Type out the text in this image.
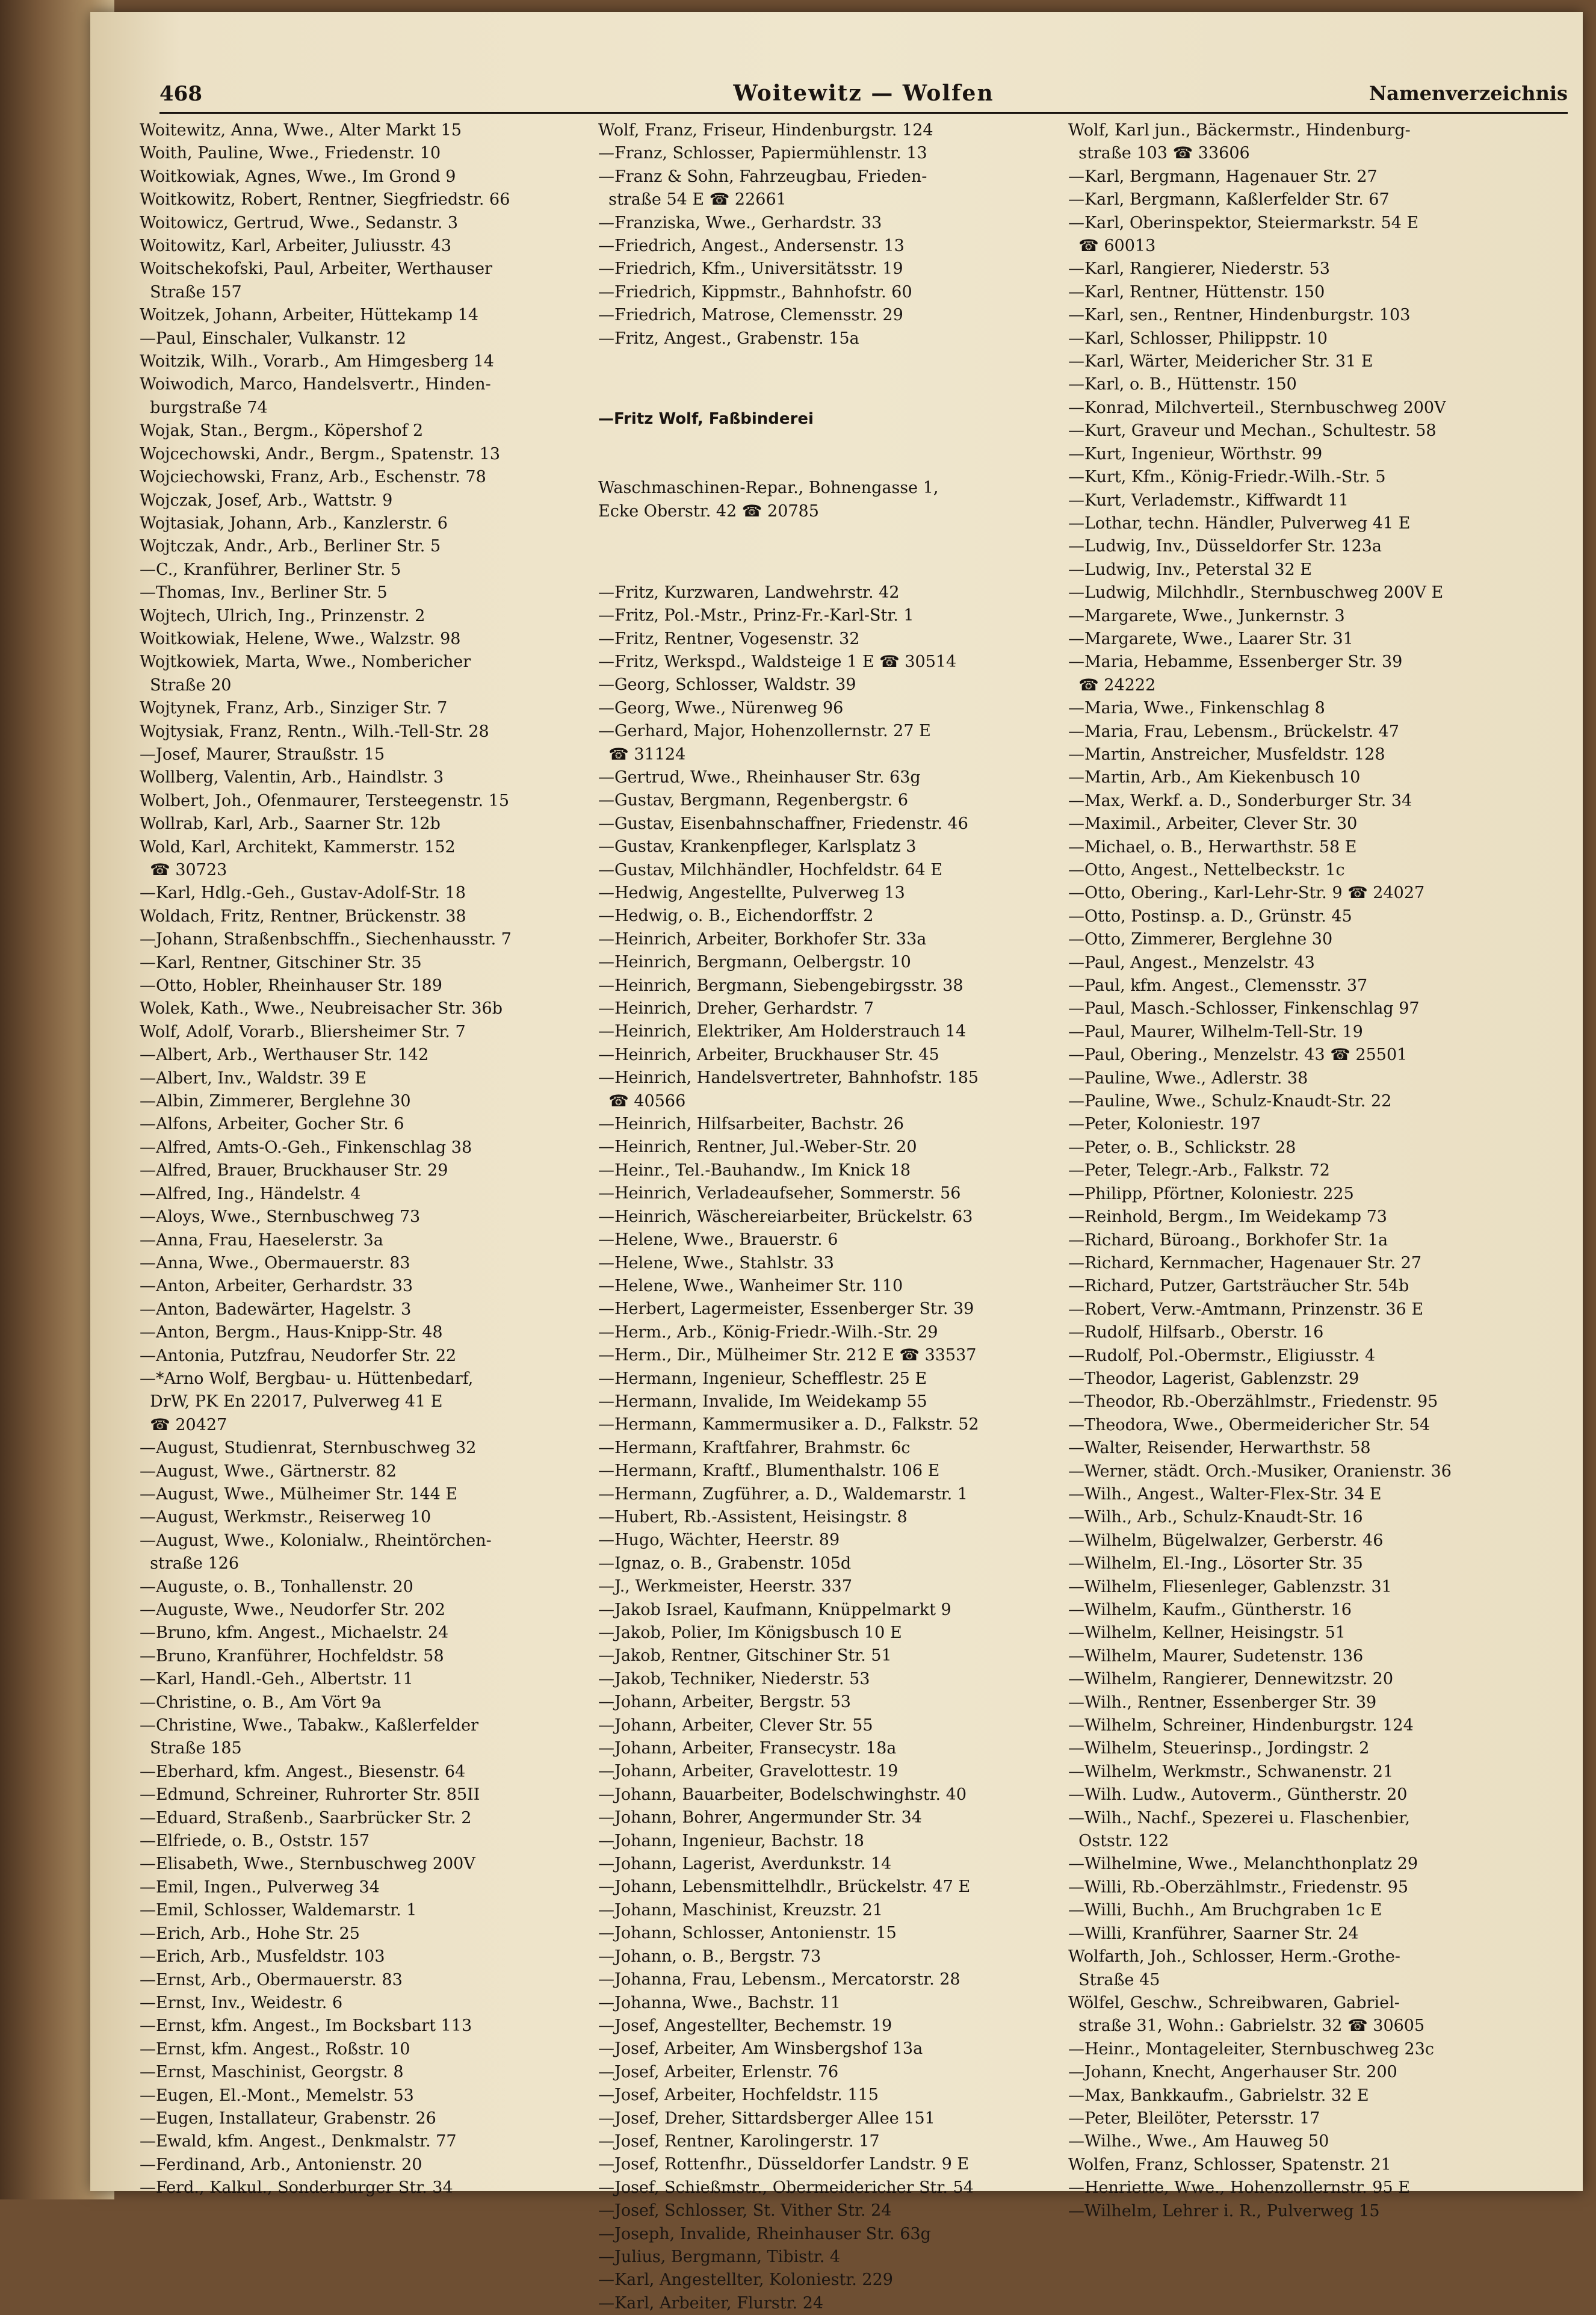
468	Woitewitz — Wolfen	Namenverzeichnis
Woitewitz, Anna, Wwe., Alter Markt 15
Woith, Pauline, Wwe., Friedenstr. 10
Woitkowiak, Agnes, Wwe., Im Grond 9
Woitkowitz, Robert, Rentner, Siegfriedstr. 66
Woitowicz, Gertrud, Wwe., Sedanstr. 3
Woitowitz, Karl, Arbeiter, Juliusstr. 43
Woitschekofski, Paul, Arbeiter, Werthauser
Straße 157
Woitzek, Johann, Arbeiter, Hüttekamp 14
—Paul, Einschaler, Vulkanstr. 12
Woitzik, Wilh., Vorarb., Am Himgesberg 14
Woiwodich, Marco, Handelsvertr., Hinden-
burgstraße 74
Wojak, Stan., Bergm., Köpershof 2
Wojcechowski, Andr., Bergm., Spatenstr. 13
Wojciechowski, Franz, Arb., Eschenstr. 78
Wojczak, Josef, Arb., Wattstr. 9
Wojtasiak, Johann, Arb., Kanzlerstr. 6
Wojtczak, Andr., Arb., Berliner Str. 5
—C., Kranführer, Berliner Str. 5
—Thomas, Inv., Berliner Str. 5
Wojtech, Ulrich, Ing., Prinzenstr. 2
Woitkowiak, Helene, Wwe., Walzstr. 98
Wojtkowiek, Marta, Wwe., Nombericher
Straße 20
Wojtynek, Franz, Arb., Sinziger Str. 7
Wojtysiak, Franz, Rentn., Wilh.-Tell-Str. 28
—Josef, Maurer, Straußstr. 15
Wollberg, Valentin, Arb., Haindlstr. 3
Wolbert, Joh., Ofenmaurer, Tersteegenstr. 15
Wollrab, Karl, Arb., Saarner Str. 12b
Wold, Karl, Architekt, Kammerstr. 152
☎ 30723
—Karl, Hdlg.-Geh., Gustav-Adolf-Str. 18
Woldach, Fritz, Rentner, Brückenstr. 38
—Johann, Straßenbschffn., Siechenhausstr. 7
—Karl, Rentner, Gitschiner Str. 35
—Otto, Hobler, Rheinhauser Str. 189
Wolek, Kath., Wwe., Neubreisacher Str. 36b
Wolf, Adolf, Vorarb., Bliersheimer Str. 7
—Albert, Arb., Werthauser Str. 142
—Albert, Inv., Waldstr. 39 E
—Albin, Zimmerer, Berglehne 30
—Alfons, Arbeiter, Gocher Str. 6
—Alfred, Amts-O.-Geh., Finkenschlag 38
—Alfred, Brauer, Bruckhauser Str. 29
—Alfred, Ing., Händelstr. 4
—Aloys, Wwe., Sternbuschweg 73
—Anna, Frau, Haeselerstr. 3a
—Anna, Wwe., Obermauerstr. 83
—Anton, Arbeiter, Gerhardstr. 33
—Anton, Badewärter, Hagelstr. 3
—Anton, Bergm., Haus-Knipp-Str. 48
—Antonia, Putzfrau, Neudorfer Str. 22
—*Arno Wolf, Bergbau- u. Hüttenbedarf,
DrW, PK En 22017, Pulverweg 41 E
☎ 20427
—August, Studienrat, Sternbuschweg 32
—August, Wwe., Gärtnerstr. 82
—August, Wwe., Mülheimer Str. 144 E
—August, Werkmstr., Reiserweg 10
—August, Wwe., Kolonialw., Rheintörchen-
straße 126
—Auguste, o. B., Tonhallenstr. 20
—Auguste, Wwe., Neudorfer Str. 202
—Bruno, kfm. Angest., Michaelstr. 24
—Bruno, Kranführer, Hochfeldstr. 58
—Karl, Handl.-Geh., Albertstr. 11
—Christine, o. B., Am Vört 9a
—Christine, Wwe., Tabakw., Kaßlerfelder
Straße 185
—Eberhard, kfm. Angest., Biesenstr. 64
—Edmund, Schreiner, Ruhrorter Str. 85II
—Eduard, Straßenb., Saarbrücker Str. 2
—Elfriede, o. B., Oststr. 157
—Elisabeth, Wwe., Sternbuschweg 200V
—Emil, Ingen., Pulverweg 34
—Emil, Schlosser, Waldemarstr. 1
—Erich, Arb., Hohe Str. 25
—Erich, Arb., Musfeldstr. 103
—Ernst, Arb., Obermauerstr. 83
—Ernst, Inv., Weidestr. 6
—Ernst, kfm. Angest., Im Bocksbart 113
—Ernst, kfm. Angest., Roßstr. 10
—Ernst, Maschinist, Georgstr. 8
—Eugen, El.-Mont., Memelstr. 53
—Eugen, Installateur, Grabenstr. 26
—Ewald, kfm. Angest., Denkmalstr. 77
—Ferdinand, Arb., Antonienstr. 20
—Ferd., Kalkul., Sonderburger Str. 34
Wolf, Franz, Friseur, Hindenburgstr. 124
—Franz, Schlosser, Papiermühlenstr. 13
—Franz & Sohn, Fahrzeugbau, Frieden-
straße 54 E ☎ 22661
—Franziska, Wwe., Gerhardstr. 33
—Friedrich, Angest., Andersenstr. 13
—Friedrich, Kfm., Universitätsstr. 19
—Friedrich, Kippmstr., Bahnhofstr. 60
—Friedrich, Matrose, Clemensstr. 29
—Fritz, Angest., Grabenstr. 15a

—Fritz Wolf, Faßbinderei

Waschmaschinen-Repar., Bohnengasse 1,
Ecke Oberstr. 42 ☎ 20785

—Fritz, Kurzwaren, Landwehrstr. 42
—Fritz, Pol.-Mstr., Prinz-Fr.-Karl-Str. 1
—Fritz, Rentner, Vogesenstr. 32
—Fritz, Werkspd., Waldsteige 1 E ☎ 30514
—Georg, Schlosser, Waldstr. 39
—Georg, Wwe., Nürenweg 96
—Gerhard, Major, Hohenzollernstr. 27 E
☎ 31124
—Gertrud, Wwe., Rheinhauser Str. 63g
—Gustav, Bergmann, Regenbergstr. 6
—Gustav, Eisenbahnschaffner, Friedenstr. 46
—Gustav, Krankenpfleger, Karlsplatz 3
—Gustav, Milchhändler, Hochfeldstr. 64 E
—Hedwig, Angestellte, Pulverweg 13
—Hedwig, o. B., Eichendorffstr. 2
—Heinrich, Arbeiter, Borkhofer Str. 33a
—Heinrich, Bergmann, Oelbergstr. 10
—Heinrich, Bergmann, Siebengebirgsstr. 38
—Heinrich, Dreher, Gerhardstr. 7
—Heinrich, Elektriker, Am Holderstrauch 14
—Heinrich, Arbeiter, Bruckhauser Str. 45
—Heinrich, Handelsvertreter, Bahnhofstr. 185
☎ 40566
—Heinrich, Hilfsarbeiter, Bachstr. 26
—Heinrich, Rentner, Jul.-Weber-Str. 20
—Heinr., Tel.-Bauhandw., Im Knick 18
—Heinrich, Verladeaufseher, Sommerstr. 56
—Heinrich, Wäschereiarbeiter, Brückelstr. 63
—Helene, Wwe., Brauerstr. 6
—Helene, Wwe., Stahlstr. 33
—Helene, Wwe., Wanheimer Str. 110
—Herbert, Lagermeister, Essenberger Str. 39
—Herm., Arb., König-Friedr.-Wilh.-Str. 29
—Herm., Dir., Mülheimer Str. 212 E ☎ 33537
—Hermann, Ingenieur, Schefflestr. 25 E
—Hermann, Invalide, Im Weidekamp 55
—Hermann, Kammermusiker a. D., Falkstr. 52
—Hermann, Kraftfahrer, Brahmstr. 6c
—Hermann, Kraftf., Blumenthalstr. 106 E
—Hermann, Zugführer, a. D., Waldemarstr. 1
—Hubert, Rb.-Assistent, Heisingstr. 8
—Hugo, Wächter, Heerstr. 89
—Ignaz, o. B., Grabenstr. 105d
—J., Werkmeister, Heerstr. 337
—Jakob Israel, Kaufmann, Knüppelmarkt 9
—Jakob, Polier, Im Königsbusch 10 E
—Jakob, Rentner, Gitschiner Str. 51
—Jakob, Techniker, Niederstr. 53
—Johann, Arbeiter, Bergstr. 53
—Johann, Arbeiter, Clever Str. 55
—Johann, Arbeiter, Fransecystr. 18a
—Johann, Arbeiter, Gravelottestr. 19
—Johann, Bauarbeiter, Bodelschwinghstr. 40
—Johann, Bohrer, Angermunder Str. 34
—Johann, Ingenieur, Bachstr. 18
—Johann, Lagerist, Averdunkstr. 14
—Johann, Lebensmittelhdlr., Brückelstr. 47 E
—Johann, Maschinist, Kreuzstr. 21
—Johann, Schlosser, Antonienstr. 15
—Johann, o. B., Bergstr. 73
—Johanna, Frau, Lebensm., Mercatorstr. 28
—Johanna, Wwe., Bachstr. 11
—Josef, Angestellter, Bechemstr. 19
—Josef, Arbeiter, Am Winsbergshof 13a
—Josef, Arbeiter, Erlenstr. 76
—Josef, Arbeiter, Hochfeldstr. 115
—Josef, Dreher, Sittardsberger Allee 151
—Josef, Rentner, Karolingerstr. 17
—Josef, Rottenfhr., Düsseldorfer Landstr. 9 E
—Josef, Schießmstr., Obermeidericher Str. 54
—Josef, Schlosser, St. Vither Str. 24
—Joseph, Invalide, Rheinhauser Str. 63g
—Julius, Bergmann, Tibistr. 4
—Karl, Angestellter, Koloniestr. 229
—Karl, Arbeiter, Flurstr. 24
Wolf, Karl jun., Bäckermstr., Hindenburg-
straße 103 ☎ 33606
—Karl, Bergmann, Hagenauer Str. 27
—Karl, Bergmann, Kaßlerfelder Str. 67
—Karl, Oberinspektor, Steiermarkstr. 54 E
☎ 60013
—Karl, Rangierer, Niederstr. 53
—Karl, Rentner, Hüttenstr. 150
—Karl, sen., Rentner, Hindenburgstr. 103
—Karl, Schlosser, Philippstr. 10
—Karl, Wärter, Meidericher Str. 31 E
—Karl, o. B., Hüttenstr. 150
—Konrad, Milchverteil., Sternbuschweg 200V
—Kurt, Graveur und Mechan., Schultestr. 58
—Kurt, Ingenieur, Wörthstr. 99
—Kurt, Kfm., König-Friedr.-Wilh.-Str. 5
—Kurt, Verlademstr., Kiffwardt 11
—Lothar, techn. Händler, Pulverweg 41 E
—Ludwig, Inv., Düsseldorfer Str. 123a
—Ludwig, Inv., Peterstal 32 E
—Ludwig, Milchhdlr., Sternbuschweg 200V E
—Margarete, Wwe., Junkernstr. 3
—Margarete, Wwe., Laarer Str. 31
—Maria, Hebamme, Essenberger Str. 39
☎ 24222
—Maria, Wwe., Finkenschlag 8
—Maria, Frau, Lebensm., Brückelstr. 47
—Martin, Anstreicher, Musfeldstr. 128
—Martin, Arb., Am Kiekenbusch 10
—Max, Werkf. a. D., Sonderburger Str. 34
—Maximil., Arbeiter, Clever Str. 30
—Michael, o. B., Herwarthstr. 58 E
—Otto, Angest., Nettelbeckstr. 1c
—Otto, Obering., Karl-Lehr-Str. 9 ☎ 24027
—Otto, Postinsp. a. D., Grünstr. 45
—Otto, Zimmerer, Berglehne 30
—Paul, Angest., Menzelstr. 43
—Paul, kfm. Angest., Clemensstr. 37
—Paul, Masch.-Schlosser, Finkenschlag 97
—Paul, Maurer, Wilhelm-Tell-Str. 19
—Paul, Obering., Menzelstr. 43 ☎ 25501
—Pauline, Wwe., Adlerstr. 38
—Pauline, Wwe., Schulz-Knaudt-Str. 22
—Peter, Koloniestr. 197
—Peter, o. B., Schlickstr. 28
—Peter, Telegr.-Arb., Falkstr. 72
—Philipp, Pförtner, Koloniestr. 225
—Reinhold, Bergm., Im Weidekamp 73
—Richard, Büroang., Borkhofer Str. 1a
—Richard, Kernmacher, Hagenauer Str. 27
—Richard, Putzer, Gartsträucher Str. 54b
—Robert, Verw.-Amtmann, Prinzenstr. 36 E
—Rudolf, Hilfsarb., Oberstr. 16
—Rudolf, Pol.-Obermstr., Eligiusstr. 4
—Theodor, Lagerist, Gablenzstr. 29
—Theodor, Rb.-Oberzählmstr., Friedenstr. 95
—Theodora, Wwe., Obermeidericher Str. 54
—Walter, Reisender, Herwarthstr. 58
—Werner, städt. Orch.-Musiker, Oranienstr. 36
—Wilh., Angest., Walter-Flex-Str. 34 E
—Wilh., Arb., Schulz-Knaudt-Str. 16
—Wilhelm, Bügelwalzer, Gerberstr. 46
—Wilhelm, El.-Ing., Lösorter Str. 35
—Wilhelm, Fliesenleger, Gablenzstr. 31
—Wilhelm, Kaufm., Güntherstr. 16
—Wilhelm, Kellner, Heisingstr. 51
—Wilhelm, Maurer, Sudetenstr. 136
—Wilhelm, Rangierer, Dennewitzstr. 20
—Wilh., Rentner, Essenberger Str. 39
—Wilhelm, Schreiner, Hindenburgstr. 124
—Wilhelm, Steuerinsp., Jordingstr. 2
—Wilhelm, Werkmstr., Schwanenstr. 21
—Wilh. Ludw., Autoverm., Güntherstr. 20
—Wilh., Nachf., Spezerei u. Flaschenbier,
Oststr. 122
—Wilhelmine, Wwe., Melanchthonplatz 29
—Willi, Rb.-Oberzählmstr., Friedenstr. 95
—Willi, Buchh., Am Bruchgraben 1c E
—Willi, Kranführer, Saarner Str. 24
Wolfarth, Joh., Schlosser, Herm.-Grothe-
Straße 45
Wölfel, Geschw., Schreibwaren, Gabriel-
straße 31, Wohn.: Gabrielstr. 32 ☎ 30605
—Heinr., Montageleiter, Sternbuschweg 23c
—Johann, Knecht, Angerhauser Str. 200
—Max, Bankkaufm., Gabrielstr. 32 E
—Peter, Bleilöter, Petersstr. 17
—Wilhe., Wwe., Am Hauweg 50
Wolfen, Franz, Schlosser, Spatenstr. 21
—Henriette, Wwe., Hohenzollernstr. 95 E
—Wilhelm, Lehrer i. R., Pulverweg 15
